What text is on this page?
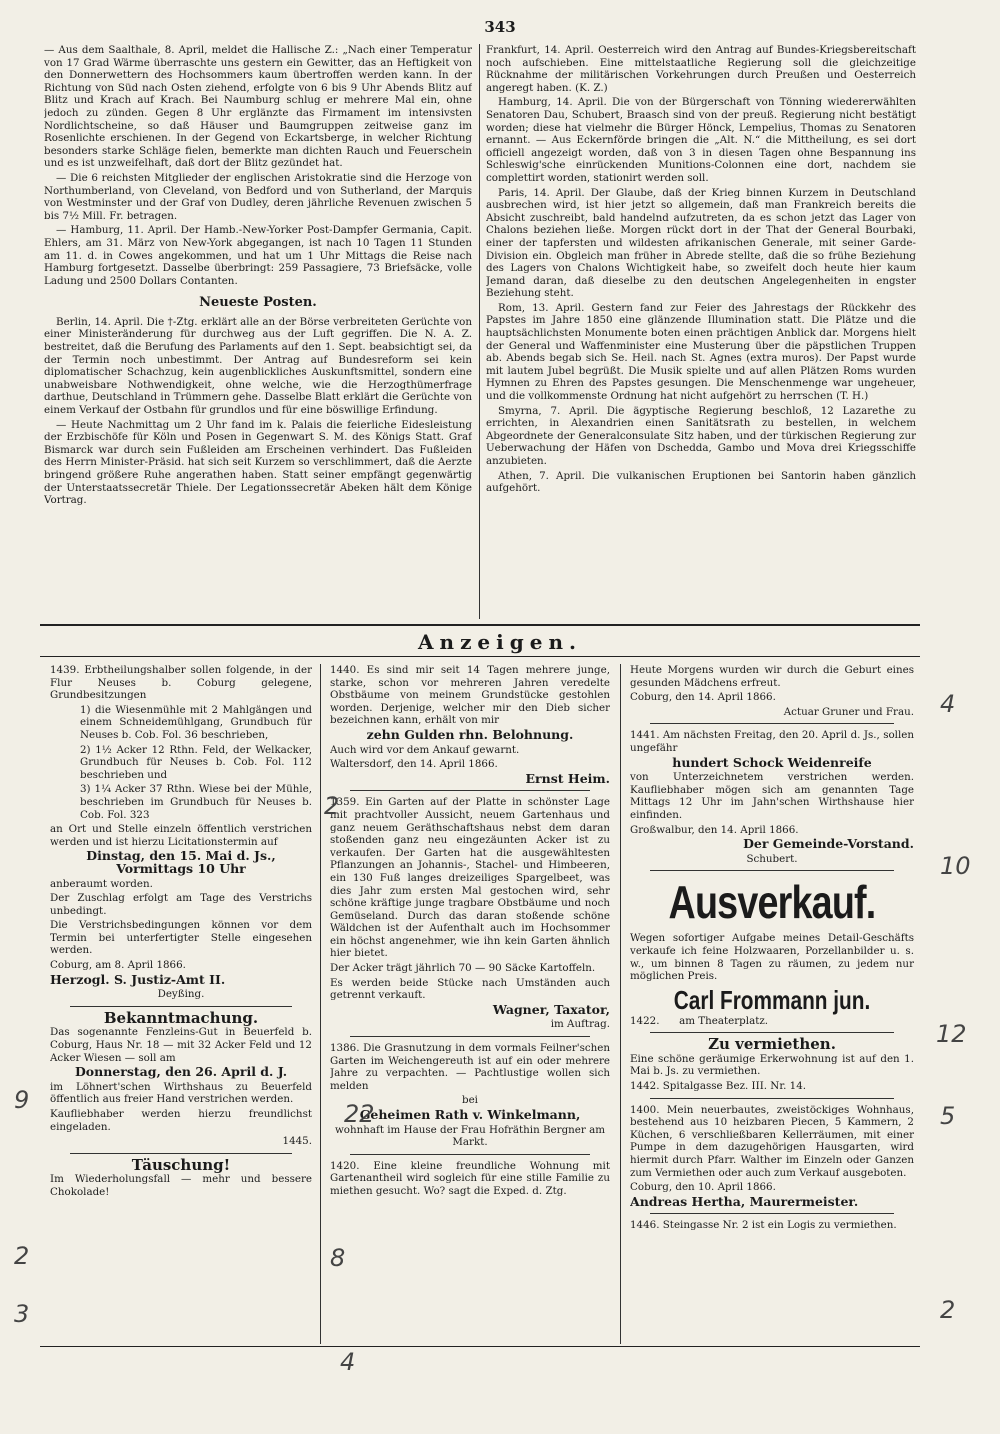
343

— Aus dem Saalthale, 8. April, meldet die Hallische Z.: „Nach einer Temperatur von 17 Grad Wärme überraschte uns gestern ein Gewitter, das an Heftigkeit von den Donnerwettern des Hochsommers kaum übertroffen werden kann. In der Richtung von Süd nach Osten ziehend, erfolgte von 6 bis 9 Uhr Abends Blitz auf Blitz und Krach auf Krach. Bei Naumburg schlug er mehrere Mal ein, ohne jedoch zu zünden. Gegen 8 Uhr erglänzte das Firmament im intensivsten Nordlichtscheine, so daß Häuser und Baumgruppen zeitweise ganz im Rosenlichte erschienen. In der Gegend von Eckartsberge, in welcher Richtung besonders starke Schläge fielen, bemerkte man dichten Rauch und Feuerschein und es ist unzweifelhaft, daß dort der Blitz gezündet hat.

— Die 6 reichsten Mitglieder der englischen Aristokratie sind die Herzoge von Northumberland, von Cleveland, von Bedford und von Sutherland, der Marquis von Westminster und der Graf von Dudley, deren jährliche Revenuen zwischen 5 bis 7½ Mill. Fr. betragen.

— Hamburg, 11. April. Der Hamb.-New-Yorker Post-Dampfer Germania, Capit. Ehlers, am 31. März von New-York abgegangen, ist nach 10 Tagen 11 Stunden am 11. d. in Cowes angekommen, und hat um 1 Uhr Mittags die Reise nach Hamburg fortgesetzt. Dasselbe überbringt: 259 Passagiere, 73 Briefsäcke, volle Ladung und 2500 Dollars Contanten.

Neueste Posten.

Berlin, 14. April. Die †-Ztg. erklärt alle an der Börse verbreiteten Gerüchte von einer Ministeränderung für durchweg aus der Luft gegriffen. Die N. A. Z. bestreitet, daß die Berufung des Parlaments auf den 1. Sept. beabsichtigt sei, da der Termin noch unbestimmt. Der Antrag auf Bundesreform sei kein diplomatischer Schachzug, kein augenblickliches Auskunftsmittel, sondern eine unabweisbare Nothwendigkeit, ohne welche, wie die Herzogthümerfrage darthue, Deutschland in Trümmern gehe. Dasselbe Blatt erklärt die Gerüchte von einem Verkauf der Ostbahn für grundlos und für eine böswillige Erfindung.

— Heute Nachmittag um 2 Uhr fand im k. Palais die feierliche Eidesleistung der Erzbischöfe für Köln und Posen in Gegenwart S. M. des Königs Statt. Graf Bismarck war durch sein Fußleiden am Erscheinen verhindert. Das Fußleiden des Herrn Minister-Präsid. hat sich seit Kurzem so verschlimmert, daß die Aerzte bringend größere Ruhe angerathen haben. Statt seiner empfängt gegenwärtig der Unterstaatssecretär Thiele. Der Legationssecretär Abeken hält dem Könige Vortrag.

Frankfurt, 14. April. Oesterreich wird den Antrag auf Bundes-Kriegsbereitschaft noch aufschieben. Eine mittelstaatliche Regierung soll die gleichzeitige Rücknahme der militärischen Vorkehrungen durch Preußen und Oesterreich angeregt haben. (K. Z.)

Hamburg, 14. April. Die von der Bürgerschaft von Tönning wiedererwählten Senatoren Dau, Schubert, Braasch sind von der preuß. Regierung nicht bestätigt worden; diese hat vielmehr die Bürger Hönck, Lempelius, Thomas zu Senatoren ernannt. — Aus Eckernförde bringen die „Alt. N.“ die Mittheilung, es sei dort officiell angezeigt worden, daß von 3 in diesen Tagen ohne Bespannung ins Schleswig'sche einrückenden Munitions-Colonnen eine dort, nachdem sie complettirt worden, stationirt werden soll.

Paris, 14. April. Der Glaube, daß der Krieg binnen Kurzem in Deutschland ausbrechen wird, ist hier jetzt so allgemein, daß man Frankreich bereits die Absicht zuschreibt, bald handelnd aufzutreten, da es schon jetzt das Lager von Chalons beziehen ließe. Morgen rückt dort in der That der General Bourbaki, einer der tapfersten und wildesten afrikanischen Generale, mit seiner Garde-Division ein. Obgleich man früher in Abrede stellte, daß die so frühe Beziehung des Lagers von Chalons Wichtigkeit habe, so zweifelt doch heute hier kaum Jemand daran, daß dieselbe zu den deutschen Angelegenheiten in engster Beziehung steht.

Rom, 13. April. Gestern fand zur Feier des Jahrestags der Rückkehr des Papstes im Jahre 1850 eine glänzende Illumination statt. Die Plätze und die hauptsächlichsten Monumente boten einen prächtigen Anblick dar. Morgens hielt der General und Waffenminister eine Musterung über die päpstlichen Truppen ab. Abends begab sich Se. Heil. nach St. Agnes (extra muros). Der Papst wurde mit lautem Jubel begrüßt. Die Musik spielte und auf allen Plätzen Roms wurden Hymnen zu Ehren des Papstes gesungen. Die Menschenmenge war ungeheuer, und die vollkommenste Ordnung hat nicht aufgehört zu herrschen (T. H.)

Smyrna, 7. April. Die ägyptische Regierung beschloß, 12 Lazarethe zu errichten, in Alexandrien einen Sanitätsrath zu bestellen, in welchem Abgeordnete der Generalconsulate Sitz haben, und der türkischen Regierung zur Ueberwachung der Häfen von Dschedda, Gambo und Mova drei Kriegsschiffe anzubieten.

Athen, 7. April. Die vulkanischen Eruptionen bei Santorin haben gänzlich aufgehört.

Anzeigen.

1439. Erbtheilungshalber sollen folgende, in der Flur Neuses b. Coburg gelegene, Grundbesitzungen

1) die Wiesenmühle mit 2 Mahlgängen und einem Schneidemühlgang, Grundbuch für Neuses b. Cob. Fol. 36 beschrieben,

2) 1½ Acker 12 Rthn. Feld, der Welkacker, Grundbuch für Neuses b. Cob. Fol. 112 beschrieben und

3) 1¼ Acker 37 Rthn. Wiese bei der Mühle, beschrieben im Grundbuch für Neuses b. Cob. Fol. 323

an Ort und Stelle einzeln öffentlich verstrichen werden und ist hierzu Licitationstermin auf

Dinstag, den 15. Mai d. Js., Vormittags 10 Uhr

anberaumt worden.

Der Zuschlag erfolgt am Tage des Verstrichs unbedingt.

Die Verstrichsbedingungen können vor dem Termin bei unterfertigter Stelle eingesehen werden.

Coburg, am 8. April 1866.

Herzogl. S. Justiz-Amt II.

Deyßing.

Bekanntmachung.

Das sogenannte Fenzleins-Gut in Beuerfeld b. Coburg, Haus Nr. 18 — mit 32 Acker Feld und 12 Acker Wiesen — soll am

Donnerstag, den 26. April d. J.

im Löhnert'schen Wirthshaus zu Beuerfeld öffentlich aus freier Hand verstrichen werden.

Kaufliebhaber werden hierzu freundlichst eingeladen.

1445.

Täuschung!

Im Wiederholungsfall — mehr und bessere Chokolade!

1440. Es sind mir seit 14 Tagen mehrere junge, starke, schon vor mehreren Jahren veredelte Obstbäume von meinem Grundstücke gestohlen worden. Derjenige, welcher mir den Dieb sicher bezeichnen kann, erhält von mir

zehn Gulden rhn. Belohnung.

Auch wird vor dem Ankauf gewarnt.

Waltersdorf, den 14. April 1866.

Ernst Heim.

1359. Ein Garten auf der Platte in schönster Lage mit prachtvoller Aussicht, neuem Gartenhaus und ganz neuem Geräthschaftshaus nebst dem daran stoßenden ganz neu eingezäunten Acker ist zu verkaufen. Der Garten hat die ausgewähltesten Pflanzungen an Johannis-, Stachel- und Himbeeren, ein 130 Fuß langes dreizeiliges Spargelbeet, was dies Jahr zum ersten Mal gestochen wird, sehr schöne kräftige junge tragbare Obstbäume und noch Gemüseland. Durch das daran stoßende schöne Wäldchen ist der Aufenthalt auch im Hochsommer ein höchst angenehmer, wie ihn kein Garten ähnlich hier bietet.

Der Acker trägt jährlich 70 — 90 Säcke Kartoffeln.

Es werden beide Stücke nach Umständen auch getrennt verkauft.

Wagner, Taxator,

im Auftrag.

1386. Die Grasnutzung in dem vormals Feilner'schen Garten im Weichengereuth ist auf ein oder mehrere Jahre zu verpachten. — Pachtlustige wollen sich melden

bei

Geheimen Rath v. Winkelmann,

wohnhaft im Hause der Frau Hofräthin Bergner am Markt.

1420. Eine kleine freundliche Wohnung mit Gartenantheil wird sogleich für eine stille Familie zu miethen gesucht. Wo? sagt die Exped. d. Ztg.

Heute Morgens wurden wir durch die Geburt eines gesunden Mädchens erfreut.

Coburg, den 14. April 1866.

Actuar Gruner und Frau.

1441. Am nächsten Freitag, den 20. April d. Js., sollen ungefähr

hundert Schock Weidenreife

von Unterzeichnetem verstrichen werden. Kaufliebhaber mögen sich am genannten Tage Mittags 12 Uhr im Jahn'schen Wirthshause hier einfinden.

Großwalbur, den 14. April 1866.

Der Gemeinde-Vorstand.

Schubert.

Ausverkauf.

Wegen sofortiger Aufgabe meines Detail-Geschäfts verkaufe ich feine Holzwaaren, Porzellanbilder u. s. w., um binnen 8 Tagen zu räumen, zu jedem nur möglichen Preis.

Carl Frommann jun.

1422. am Theaterplatz.

Zu vermiethen.

Eine schöne geräumige Erkerwohnung ist auf den 1. Mai b. Js. zu vermiethen.

1442. Spitalgasse Bez. III. Nr. 14.

1400. Mein neuerbautes, zweistöckiges Wohnhaus, bestehend aus 10 heizbaren Piecen, 5 Kammern, 2 Küchen, 6 verschließbaren Kellerräumen, mit einer Pumpe in dem dazugehörigen Hausgarten, wird hiermit durch Pfarr. Walther im Einzeln oder Ganzen zum Vermiethen oder auch zum Verkauf ausgeboten.

Coburg, den 10. April 1866.

Andreas Hertha, Maurermeister.

1446. Steingasse Nr. 2 ist ein Logis zu vermiethen.

4
10
12
5
2
9	22
8
2
3
4
2
